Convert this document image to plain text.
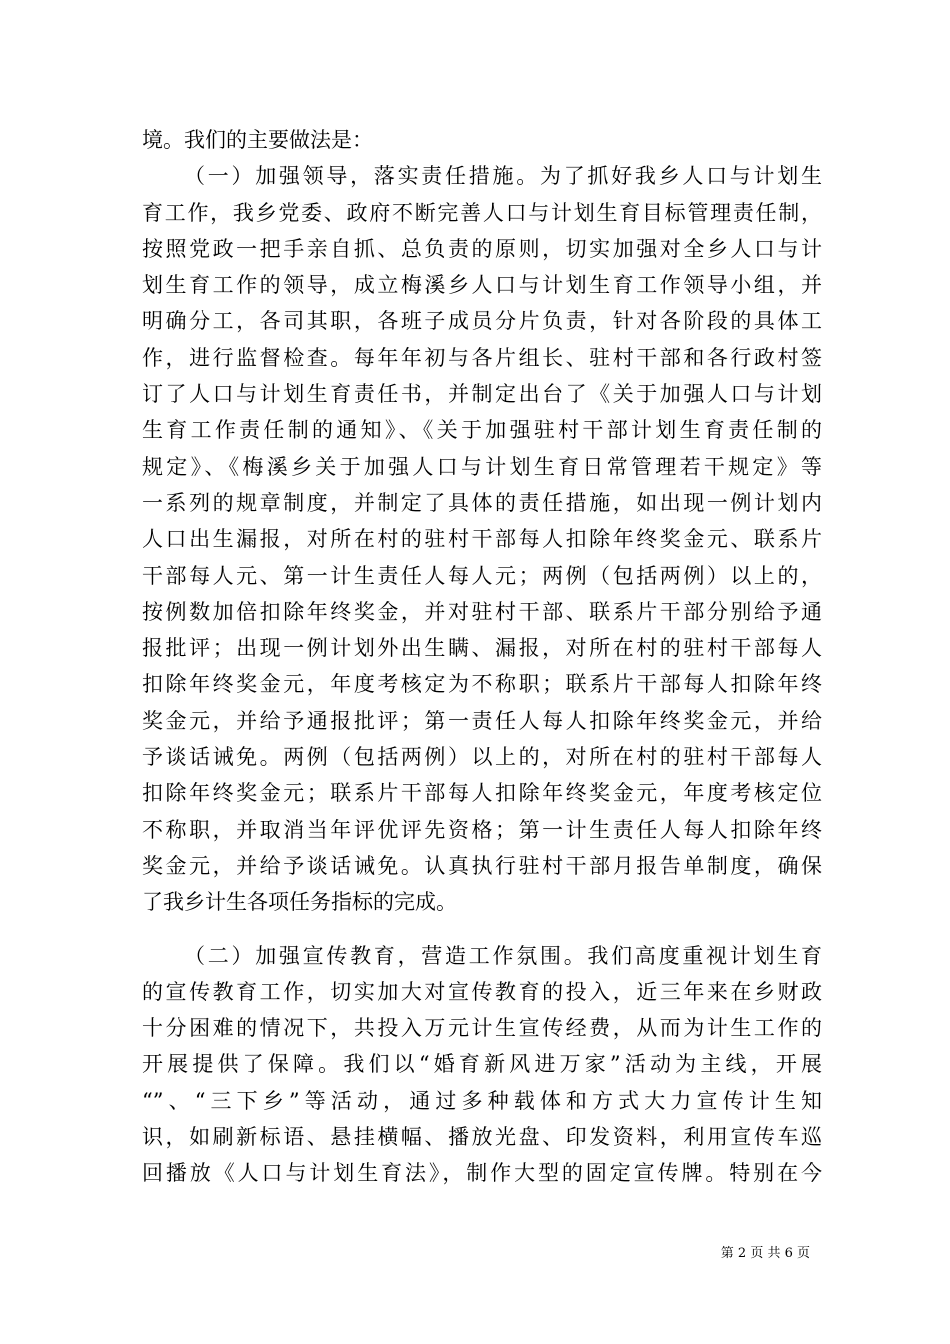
境。我们的主要做法是：
（一）加强领导，落实责任措施。为了抓好我乡人口与计划生
育工作，我乡党委、政府不断完善人口与计划生育目标管理责任制，
按照党政一把手亲自抓、总负责的原则，切实加强对全乡人口与计
划生育工作的领导，成立梅溪乡人口与计划生育工作领导小组，并
明确分工，各司其职，各班子成员分片负责，针对各阶段的具体工
作，进行监督检查。每年年初与各片组长、驻村干部和各行政村签
订了人口与计划生育责任书，并制定出台了《关于加强人口与计划
生育工作责任制的通知》、《关于加强驻村干部计划生育责任制的
规定》、《梅溪乡关于加强人口与计划生育日常管理若干规定》等
一系列的规章制度，并制定了具体的责任措施，如出现一例计划内
人口出生漏报，对所在村的驻村干部每人扣除年终奖金元、联系片
干部每人元、第一计生责任人每人元；两例（包括两例）以上的，
按例数加倍扣除年终奖金，并对驻村干部、联系片干部分别给予通
报批评；出现一例计划外出生瞒、漏报，对所在村的驻村干部每人
扣除年终奖金元，年度考核定为不称职；联系片干部每人扣除年终
奖金元，并给予通报批评；第一责任人每人扣除年终奖金元，并给
予谈话诫免。两例（包括两例）以上的，对所在村的驻村干部每人
扣除年终奖金元；联系片干部每人扣除年终奖金元，年度考核定位
不称职，并取消当年评优评先资格；第一计生责任人每人扣除年终
奖金元，并给予谈话诫免。认真执行驻村干部月报告单制度，确保
了我乡计生各项任务指标的完成。
（二）加强宣传教育，营造工作氛围。我们高度重视计划生育
的宣传教育工作，切实加大对宣传教育的投入，近三年来在乡财政
十分困难的情况下，共投入万元计生宣传经费，从而为计生工作的
开展提供了保障。我们以“婚育新风进万家”活动为主线，开展
“”、“三下乡”等活动，通过多种载体和方式大力宣传计生知
识，如刷新标语、悬挂横幅、播放光盘、印发资料，利用宣传车巡
回播放《人口与计划生育法》，制作大型的固定宣传牌。特别在今
第 2 页 共 6 页
